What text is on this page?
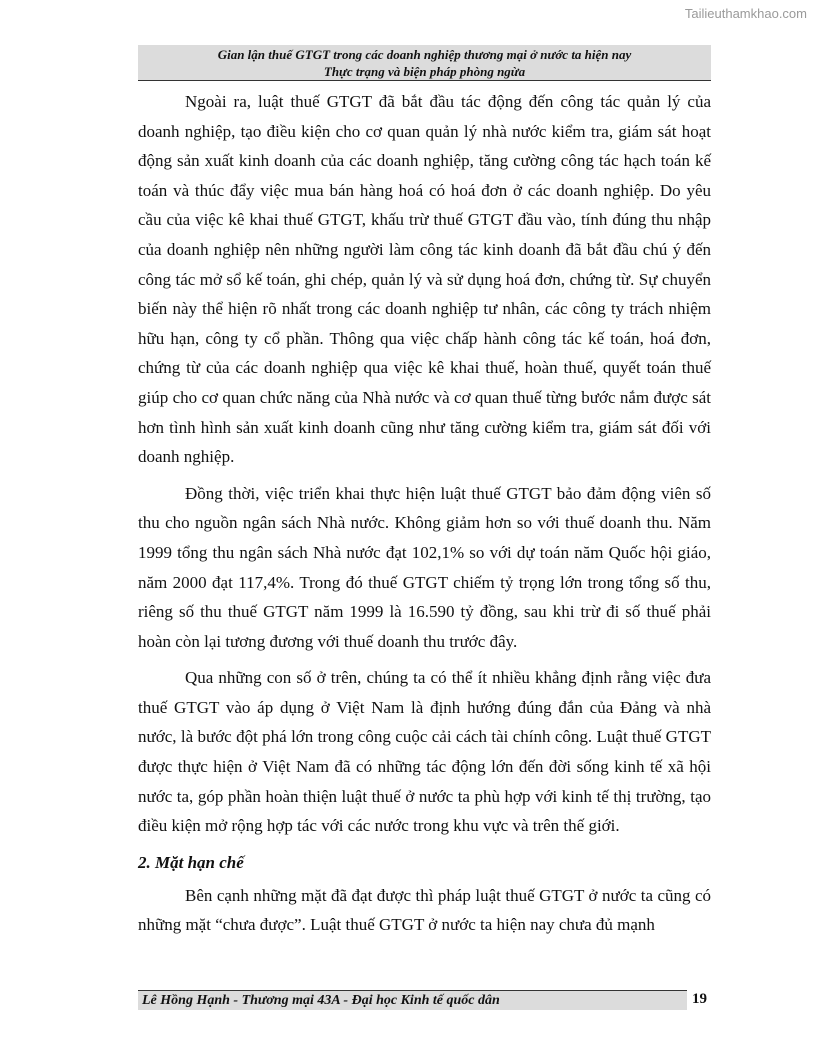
Tailieuthamkhao.com
Gian lận thuế GTGT trong các doanh nghiệp thương mại ở nước ta hiện nay
Thực trạng và biện pháp phòng ngừa

Ngoài ra, luật thuế GTGT đã bắt đầu tác động đến công tác quản lý của doanh nghiệp, tạo điều kiện cho cơ quan quản lý nhà nước kiểm tra, giám sát hoạt động sản xuất kinh doanh của các doanh nghiệp, tăng cường công tác hạch toán kế toán và thúc đẩy việc mua bán hàng hoá có hoá đơn ở các doanh nghiệp. Do yêu cầu của việc kê khai thuế GTGT, khấu trừ thuế GTGT đầu vào, tính đúng thu nhập của doanh nghiệp nên những người làm công tác kinh doanh đã bắt đầu chú ý đến công tác mở sổ kế toán, ghi chép, quản lý và sử dụng hoá đơn, chứng từ. Sự chuyển biến này thể hiện rõ nhất trong các doanh nghiệp tư nhân, các công ty trách nhiệm hữu hạn, công ty cổ phần. Thông qua việc chấp hành công tác kế toán, hoá đơn, chứng từ của các doanh nghiệp qua việc kê khai thuế, hoàn thuế, quyết toán thuế giúp cho cơ quan chức năng của Nhà nước và cơ quan thuế từng bước nắm được sát hơn tình hình sản xuất kinh doanh cũng như tăng cường kiểm tra, giám sát đối với doanh nghiệp.

Đồng thời, việc triển khai thực hiện luật thuế GTGT bảo đảm động viên số thu cho nguồn ngân sách Nhà nước. Không giảm hơn so với thuế doanh thu. Năm 1999 tổng thu ngân sách Nhà nước đạt 102,1% so với dự toán năm Quốc hội giáo, năm 2000 đạt 117,4%. Trong đó thuế GTGT chiếm tỷ trọng lớn trong tổng số thu, riêng số thu thuế GTGT năm 1999 là 16.590 tỷ đồng, sau khi trừ đi số thuế phải hoàn còn lại tương đương với thuế doanh thu trước đây.

Qua những con số ở trên, chúng ta có thể ít nhiều khẳng định rằng việc đưa thuế GTGT vào áp dụng ở Việt Nam là định hướng đúng đắn của Đảng và nhà nước, là bước đột phá lớn trong công cuộc cải cách tài chính công. Luật thuế GTGT được thực hiện ở Việt Nam đã có những tác động lớn đến đời sống kinh tế xã hội nước ta, góp phần hoàn thiện luật thuế ở nước ta phù hợp với kinh tế thị trường, tạo điều kiện mở rộng hợp tác với các nước trong khu vực và trên thế giới.

2. Mặt hạn chế

Bên cạnh những mặt đã đạt được thì pháp luật thuế GTGT ở nước ta cũng có những mặt “chưa được”. Luật thuế GTGT ở nước ta hiện nay chưa đủ mạnh

Lê Hồng Hạnh - Thương mại 43A - Đại học Kinh tế quốc dân	19
